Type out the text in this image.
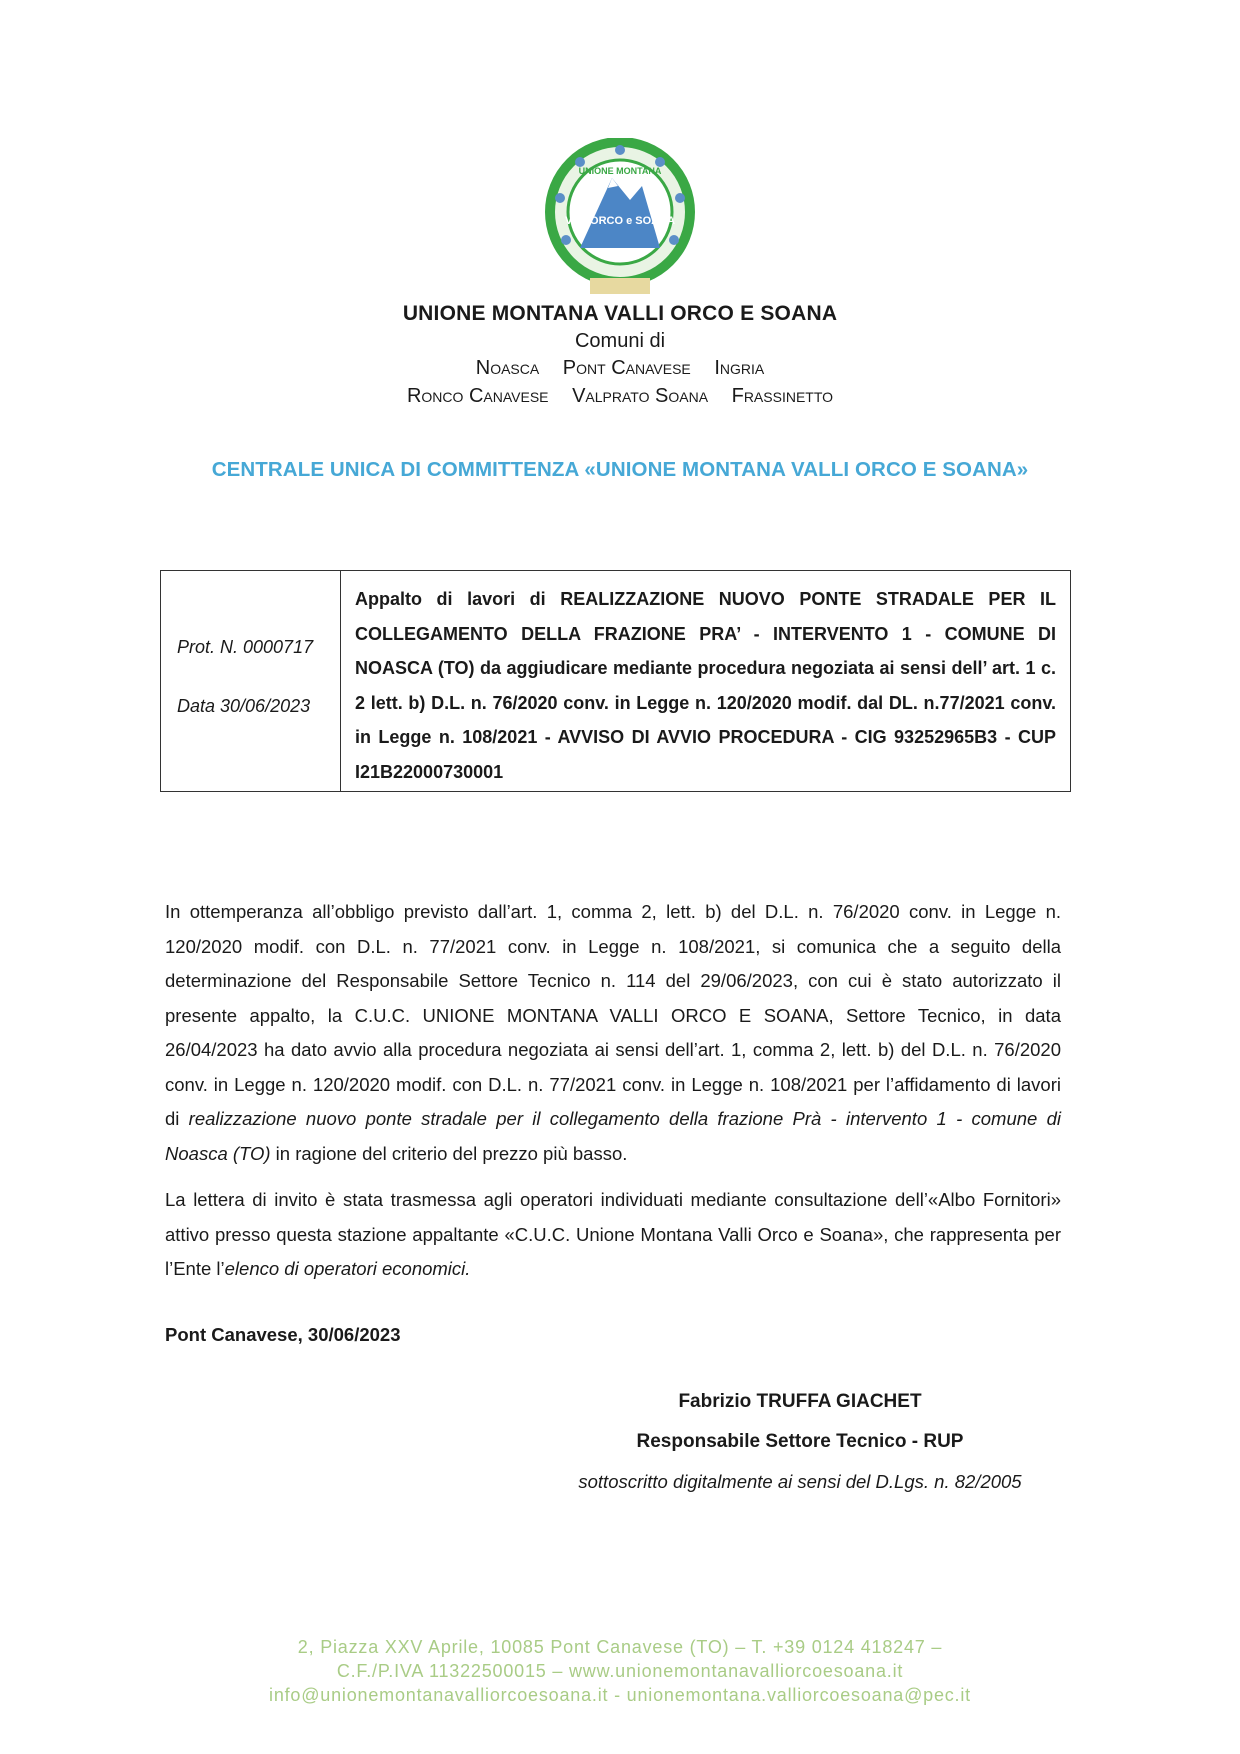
Valli ORCO e SOANA
UNIONE MONTANA
UNIONE MONTANA VALLI ORCO E SOANA
Comuni di
Noasca Pont Canavese Ingria
Ronco Canavese Valprato Soana Frassinetto
CENTRALE UNICA DI COMMITTENZA «UNIONE MONTANA VALLI ORCO E SOANA»
Prot. N. 0000717
Data 30/06/2023
Appalto di lavori di REALIZZAZIONE NUOVO PONTE STRADALE PER IL COLLEGAMENTO DELLA FRAZIONE PRA’ - INTERVENTO 1 - COMUNE DI NOASCA (TO) da aggiudicare mediante procedura negoziata ai sensi dell’ art. 1 c. 2 lett. b) D.L. n. 76/2020 conv. in Legge n. 120/2020 modif. dal DL. n.77/2021 conv. in Legge n. 108/2021 - AVVISO DI AVVIO PROCEDURA - CIG 93252965B3 - CUP I21B22000730001

In ottemperanza all’obbligo previsto dall’art. 1, comma 2, lett. b) del D.L. n. 76/2020 conv. in Legge n. 120/2020 modif. con D.L. n. 77/2021 conv. in Legge n. 108/2021, si comunica che a seguito della determinazione del Responsabile Settore Tecnico n. 114 del 29/06/2023, con cui è stato autorizzato il presente appalto, la C.U.C. UNIONE MONTANA VALLI ORCO E SOANA, Settore Tecnico, in data 26/04/2023 ha dato avvio alla procedura negoziata ai sensi dell’art. 1, comma 2, lett. b) del D.L. n. 76/2020 conv. in Legge n. 120/2020 modif. con D.L. n. 77/2021 conv. in Legge n. 108/2021 per l’affidamento di lavori di realizzazione nuovo ponte stradale per il collegamento della frazione Prà - intervento 1 - comune di Noasca (TO) in ragione del criterio del prezzo più basso.

La lettera di invito è stata trasmessa agli operatori individuati mediante consultazione dell’«Albo Fornitori» attivo presso questa stazione appaltante «C.U.C. Unione Montana Valli Orco e Soana», che rappresenta per l’Ente l’elenco di operatori economici.

Pont Canavese, 30/06/2023
Fabrizio TRUFFA GIACHET
Responsabile Settore Tecnico - RUP
sottoscritto digitalmente ai sensi del D.Lgs. n. 82/2005
2, Piazza XXV Aprile, 10085 Pont Canavese (TO) – T. +39 0124 418247 –
C.F./P.IVA 11322500015 – www.unionemontanavalliorcoesoana.it
info@unionemontanavalliorcoesoana.it - unionemontana.valliorcoesoana@pec.it
